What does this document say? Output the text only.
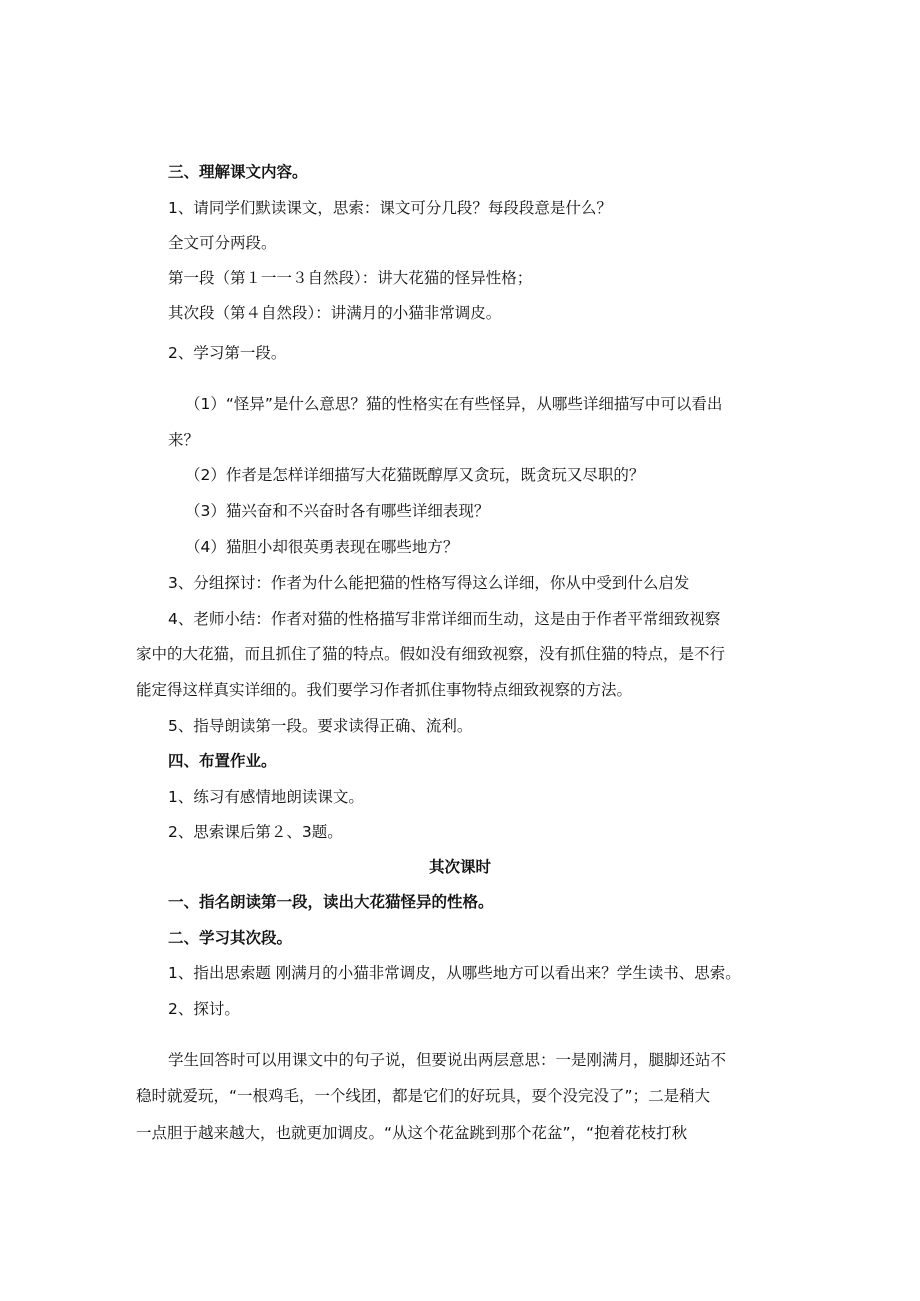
三、理解课文内容。

1、请同学们默读课文，思索：课文可分几段？每段段意是什么？

全文可分两段。

第一段（第１一一３自然段）：讲大花猫的怪异性格；

其次段（第４自然段）：讲满月的小猫非常调皮。

2、学习第一段。

（1）“怪异”是什么意思？猫的性格实在有些怪异，从哪些详细描写中可以看出

来？

（2）作者是怎样详细描写大花猫既醇厚又贪玩，既贪玩又尽职的？

（3）猫兴奋和不兴奋时各有哪些详细表现？

（4）猫胆小却很英勇表现在哪些地方？

3、分组探讨：作者为什么能把猫的性格写得这么详细，你从中受到什么启发

4、老师小结：作者对猫的性格描写非常详细而生动，这是由于作者平常细致视察

家中的大花猫，而且抓住了猫的特点。假如没有细致视察，没有抓住猫的特点，是不行

能定得这样真实详细的。我们要学习作者抓住事物特点细致视察的方法。

5、指导朗读第一段。要求读得正确、流利。

四、布置作业。

1、练习有感情地朗读课文。

2、思索课后第２、3题。

其次课时

一、指名朗读第一段，读出大花猫怪异的性格。

二、学习其次段。

1、指出思索题 刚满月的小猫非常调皮，从哪些地方可以看出来？学生读书、思索。

2、探讨。

学生回答时可以用课文中的句子说，但要说出两层意思：一是刚满月，腿脚还站不

稳时就爱玩，“一根鸡毛，一个线团，都是它们的好玩具，耍个没完没了”；二是稍大

一点胆于越来越大，也就更加调皮。“从这个花盆跳到那个花盆”，“抱着花枝打秋
